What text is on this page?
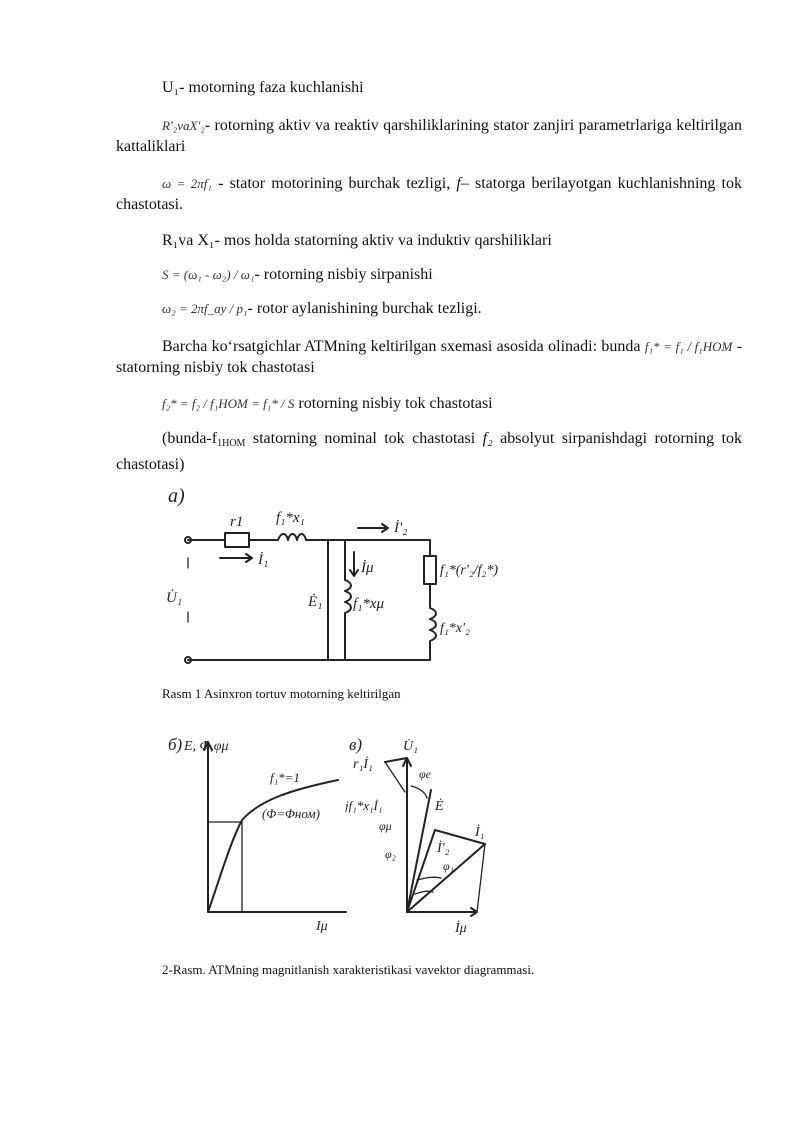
U₁- motorning faza kuchlanishi
R'₂vaX'₂- rotorning aktiv va reaktiv qarshiliklarining stator zanjiri parametrlariga keltirilgan kattaliklari
ω = 2πf₁ - stator motorining burchak tezligi, f– statorga berilayotgan kuchlanishning tok chastotasi.
R₁va X₁- mos holda statorning aktiv va induktiv qarshiliklari
S = (ω₁ - ω₂) / ω₁- rotorning nisbiy sirpanishi
ω₂ = 2πf_ay / p₁- rotor aylanishining burchak tezligi.
Barcha ko‘rsatgichlar ATMning keltirilgan sxemasi asosida olinadi: bunda f₁* = f₁ / f₁НОМ - statorning nisbiy tok chastotasi
f₂* = f₂ / f₁НОМ = f₁* / S rotorning nisbiy tok chastotasi
($bunda-f_{1HOM}$ statorning nominal tok chastotasi f₂ absolyut sirpanishdagi rotorning tok chastotasi)
a)
r1 f₁*x₁
İ'₂
İ₁	İμ
U̇₁	Ė₁ f₁*xμ
f₁*(r'₂/f₂*)
f₁*x'₂
Rasm 1 Asinxron tortuv motorning keltirilgan
б) E, Φ,φμ
f₁*=1
(Φ=Φном)
Iμ
в)	U̇₁
r₁İ₁
jf₁*x₁İ₁	Ė
İ₁
İ'₂
İμ
φe
φμ
φ₂
φ₁
2-Rasm. ATMning magnitlanish xarakteristikasi vavektor diagrammasi.
